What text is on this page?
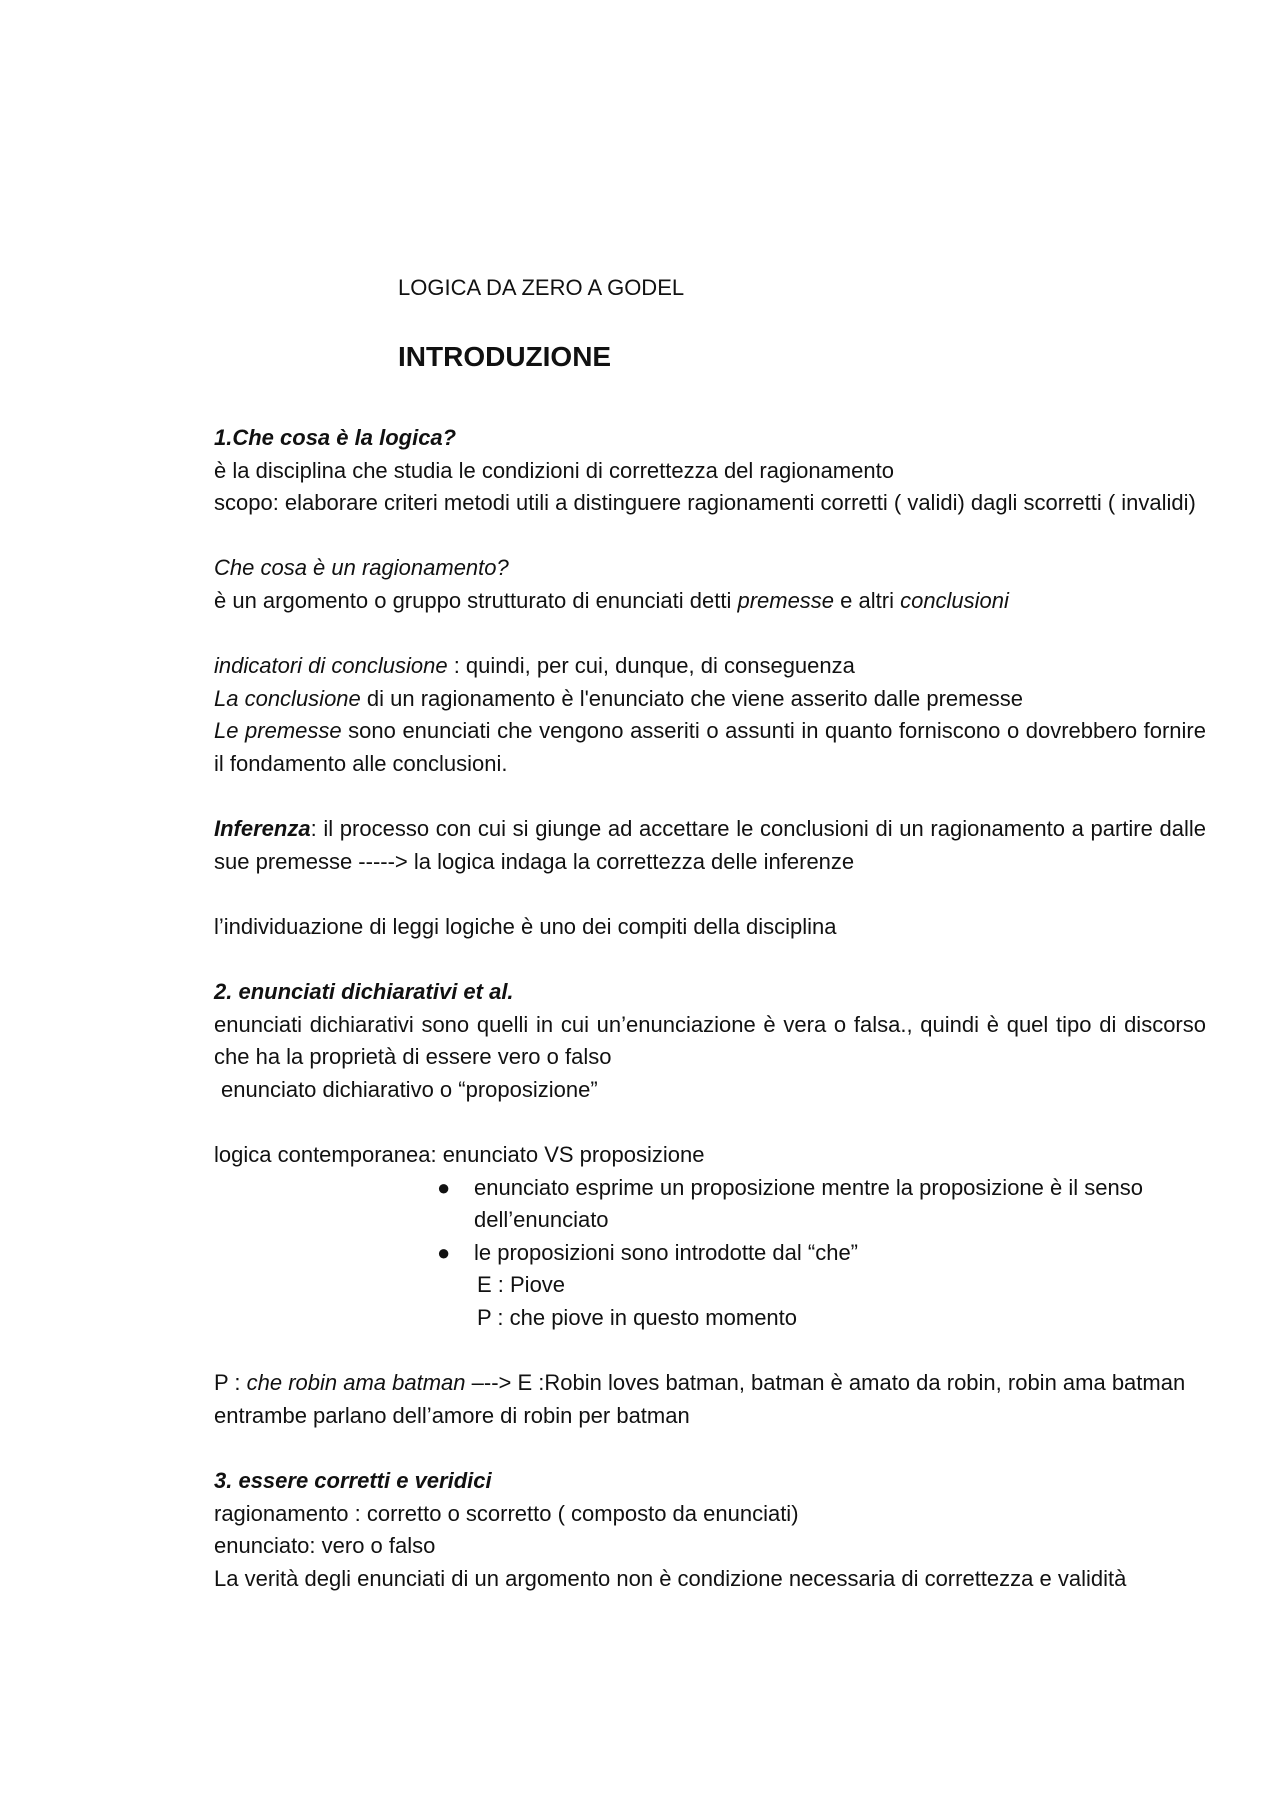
LOGICA DA ZERO A GODEL
INTRODUZIONE

1.Che cosa è la logica?

è la disciplina che studia le condizioni di correttezza del ragionamento

scopo: elaborare criteri metodi utili a distinguere ragionamenti corretti ( validi) dagli scorretti ( invalidi)

Che cosa è un ragionamento?

è un argomento o gruppo strutturato di enunciati detti premesse e altri conclusioni

indicatori di conclusione : quindi, per cui, dunque, di conseguenza

La conclusione di un ragionamento è l'enunciato che viene asserito dalle premesse

Le premesse sono enunciati che vengono asseriti o assunti in quanto forniscono o dovrebbero fornire il fondamento alle conclusioni.

Inferenza: il processo con cui si giunge ad accettare le conclusioni di un ragionamento a partire dalle sue premesse -----> la logica indaga la correttezza delle inferenze

l’individuazione di leggi logiche è uno dei compiti della disciplina

2. enunciati dichiarativi et al.

enunciati dichiarativi sono quelli in cui un’enunciazione è vera o falsa., quindi è quel tipo di discorso che ha la proprietà di essere vero o falso

enunciato dichiarativo o “proposizione”

logica contemporanea: enunciato VS proposizione

● enunciato esprime un proposizione mentre la proposizione è il senso dell’enunciato
● le proposizioni sono introdotte dal “che”

E : Piove

P : che piove in questo momento

P : che robin ama batman –--> E :Robin loves batman, batman è amato da robin, robin ama batman

entrambe parlano dell’amore di robin per batman

3. essere corretti e veridici

ragionamento : corretto o scorretto ( composto da enunciati)

enunciato: vero o falso

La verità degli enunciati di un argomento non è condizione necessaria di correttezza e validità
